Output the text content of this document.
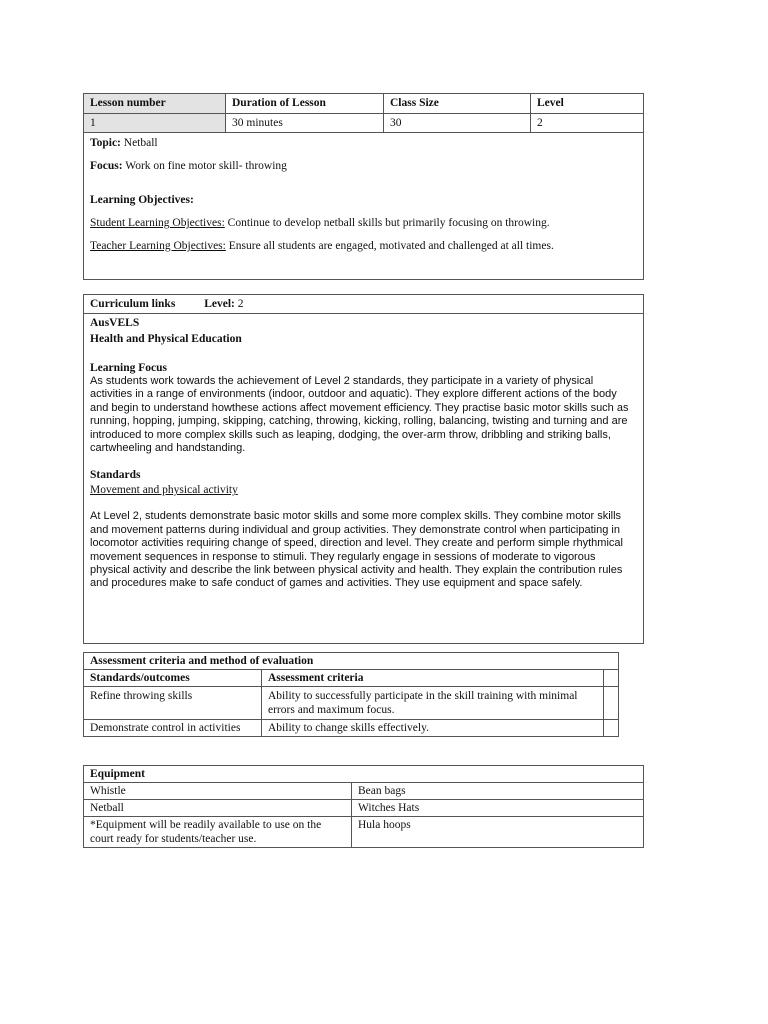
Lesson number	Duration of Lesson	Class Size	Level
1	30 minutes	30	2

Topic: Netball

Focus: Work on fine motor skill- throwing

Learning Objectives:

Student Learning Objectives: Continue to develop netball skills but primarily focusing on throwing.

Teacher Learning Objectives: Ensure all students are engaged, motivated and challenged at all times.			

Curriculum links	Level: 2

AusVELS

Health and Physical Education

Learning Focus

As students work towards the achievement of Level 2 standards, they participate in a variety of physical activities in a range of environments (indoor, outdoor and aquatic). They explore different actions of the body and begin to understand howthese actions affect movement efficiency. They practise basic motor skills such as running, hopping, jumping, skipping, catching, throwing, kicking, rolling, balancing, twisting and turning and are introduced to more complex skills such as leaping, dodging, the over-arm throw, dribbling and striking balls, cartwheeling and handstanding.

Standards

Movement and physical activity

At Level 2, students demonstrate basic motor skills and some more complex skills. They combine motor skills and movement patterns during individual and group activities. They demonstrate control when participating in locomotor activities requiring change of speed, direction and level. They create and perform simple rhythmical movement sequences in response to stimuli. They regularly engage in sessions of moderate to vigorous physical activity and describe the link between physical activity and health. They explain the contribution rules and procedures make to safe conduct of games and activities. They use equipment and space safely.

Assessment criteria and method of evaluation		
Standards/outcomes	Assessment criteria	
Refine throwing skills	Ability to successfully participate in the skill training with minimal errors and maximum focus.	
Demonstrate control in activities	Ability to change skills effectively.	
Equipment	
Whistle	Bean bags
Netball	Witches Hats
*Equipment will be readily available to use on the court ready for students/teacher use.	Hula hoops
